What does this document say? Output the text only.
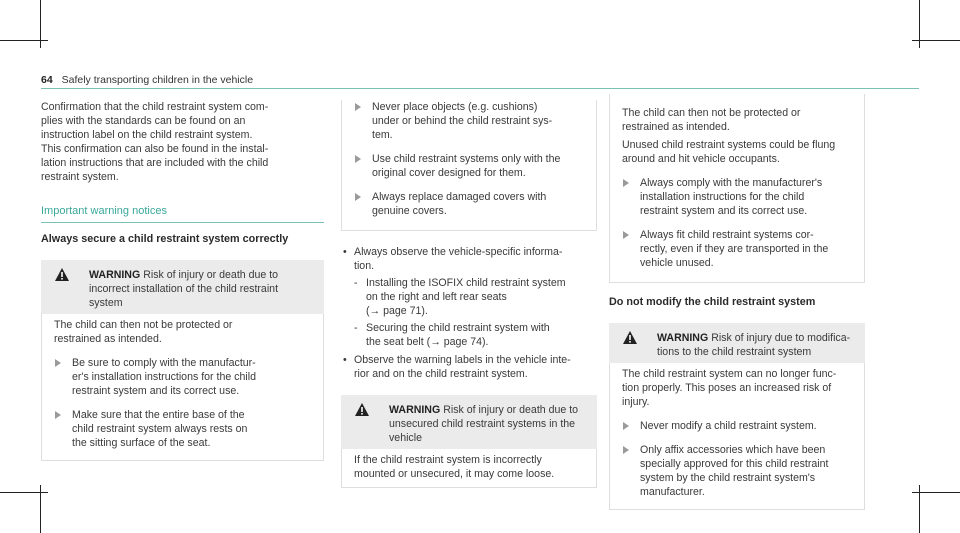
64 Safely transporting children in the vehicle
Confirmation that the child restraint system com-
plies with the standards can be found on an
instruction label on the child restraint system.
This confirmation can also be found in the instal-
lation instructions that are included with the child
restraint system.
Important warning notices
Always secure a child restraint system correctly
WARNING Risk of injury or death due to
incorrect installation of the child restraint
system
The child can then not be protected or
restrained as intended.
Be sure to comply with the manufactur-
er's installation instructions for the child
restraint system and its correct use.
Make sure that the entire base of the
child restraint system always rests on
the sitting surface of the seat.
Never place objects (e.g. cushions)
under or behind the child restraint sys-
tem.
Use child restraint systems only with the
original cover designed for them.
Always replace damaged covers with
genuine covers.
• Always observe the vehicle-specific informa-
tion.
- Installing the ISOFIX child restraint system
on the right and left rear seats
(→ page 71).
- Securing the child restraint system with
the seat belt (→ page 74).
• Observe the warning labels in the vehicle inte-
rior and on the child restraint system.
WARNING Risk of injury or death due to
unsecured child restraint systems in the
vehicle
If the child restraint system is incorrectly
mounted or unsecured, it may come loose.
The child can then not be protected or
restrained as intended.
Unused child restraint systems could be flung
around and hit vehicle occupants.
Always comply with the manufacturer's
installation instructions for the child
restraint system and its correct use.
Always fit child restraint systems cor-
rectly, even if they are transported in the
vehicle unused.
Do not modify the child restraint system
WARNING Risk of injury due to modifica-
tions to the child restraint system
The child restraint system can no longer func-
tion properly. This poses an increased risk of
injury.
Never modify a child restraint system.
Only affix accessories which have been
specially approved for this child restraint
system by the child restraint system's
manufacturer.
